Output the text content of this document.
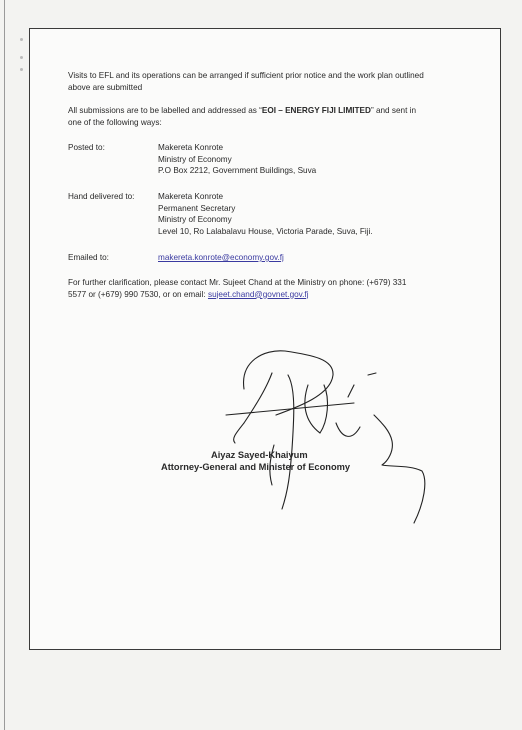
Visits to EFL and its operations can be arranged if sufficient prior notice and the work plan outlined
above are submitted
All submissions are to be labelled and addressed as “EOI – ENERGY FIJI LIMITED” and sent in
one of the following ways:
Posted to:	Makereta Konrote
Ministry of Economy
P.O Box 2212, Government Buildings, Suva
Hand delivered to:	Makereta Konrote
Permanent Secretary
Ministry of Economy
Level 10, Ro Lalabalavu House, Victoria Parade, Suva, Fiji.
Emailed to:	makereta.konrote@economy.gov.fj
For further clarification, please contact Mr. Sujeet Chand at the Ministry on phone: (+679) 331
5577 or (+679) 990 7530, or on email: sujeet.chand@govnet.gov.fj
Aiyaz Sayed-Khaiyum
Attorney-General and Minister of Economy
